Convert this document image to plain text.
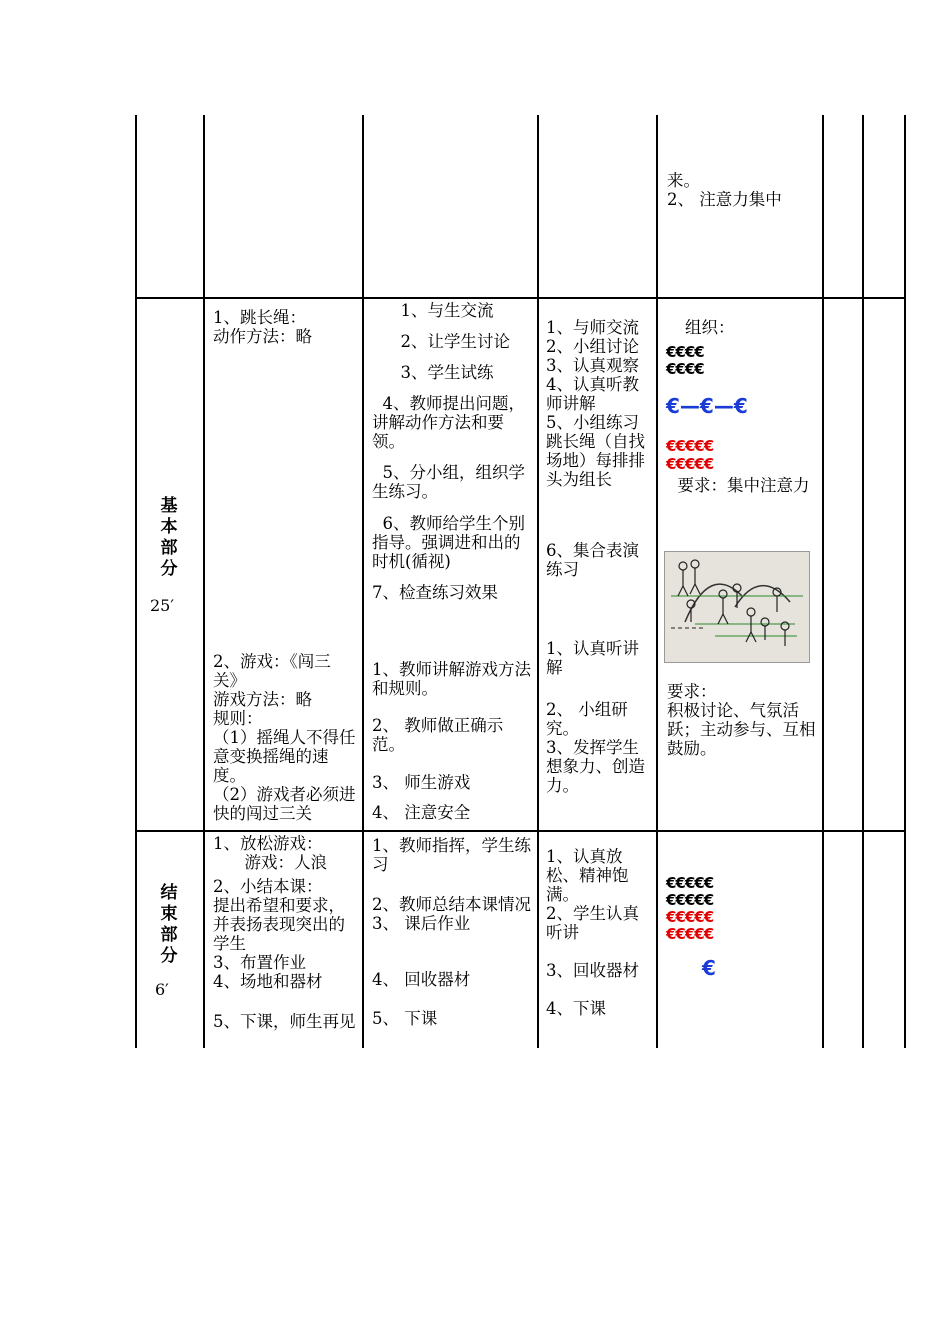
来。
2、 注意力集中
基 本 部 分
25′
1、跳长绳：
动作方法：略
2、游戏：《闯三关》
游戏方法：略
规则：
（1）摇绳人不得任意变换摇绳的速度。
（2）游戏者必须进快的闯过三关
1、与生交流
2、让学生讨论
3、学生试练
4、教师提出问题，讲解动作方法和要领。
5、分小组，组织学生练习。
6、教师给学生个别指导。强调进和出的时机(循视)
7、检查练习效果
1、教师讲解游戏方法和规则。
2、 教师做正确示范。
3、 师生游戏
4、 注意安全
1、与师交流
2、小组讨论
3、认真观察
4、认真听教师讲解
5、小组练习跳长绳（自找场地）每排排头为组长
6、集合表演练习
1、认真听讲解
2、 小组研究。
3、发挥学生想象力、创造力。
组织：
€€€€
€€€€
€—€—€
€€€€€
€€€€€
要求：集中注意力
要求：
积极讨论、气氛活跃；主动参与、互相鼓励。
结 束 部 分
6′
1、放松游戏：
游戏：人浪
2、小结本课：
提出希望和要求，并表扬表现突出的学生
3、布置作业
4、场地和器材
5、下课，师生再见
1、教师指挥，学生练习
2、教师总结本课情况
3、 课后作业
4、 回收器材
5、 下课
1、认真放松、精神饱满。
2、学生认真听讲
3、回收器材
4、下课
€€€€€
€€€€€
€€€€€
€€€€€
€
